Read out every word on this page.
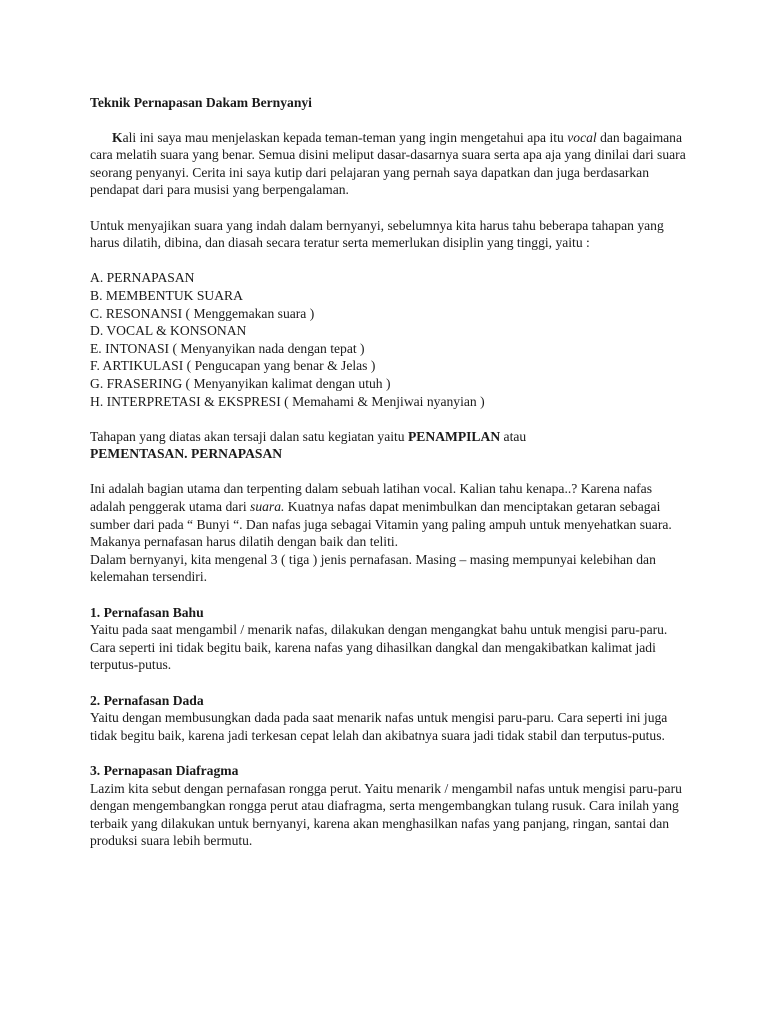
Teknik Pernapasan Dakam Bernyanyi

Kali ini saya mau menjelaskan kepada teman-teman yang ingin mengetahui apa itu vocal dan bagaimana cara melatih suara yang benar. Semua disini meliput dasar-dasarnya suara serta apa aja yang dinilai dari suara seorang penyanyi. Cerita ini saya kutip dari pelajaran yang pernah saya dapatkan dan juga berdasarkan pendapat dari para musisi yang berpengalaman.

Untuk menyajikan suara yang indah dalam bernyanyi, sebelumnya kita harus tahu beberapa tahapan yang harus dilatih, dibina, dan diasah secara teratur serta memerlukan disiplin yang tinggi, yaitu :

A. PERNAPASAN
B. MEMBENTUK SUARA
C. RESONANSI ( Menggemakan suara )
D. VOCAL & KONSONAN
E. INTONASI ( Menyanyikan nada dengan tepat )
F. ARTIKULASI ( Pengucapan yang benar & Jelas )
G. FRASERING ( Menyanyikan kalimat dengan utuh )
H. INTERPRETASI & EKSPRESI ( Memahami & Menjiwai nyanyian )

Tahapan yang diatas akan tersaji dalan satu kegiatan yaitu PENAMPILAN atau
PEMENTASAN. PERNAPASAN

Ini adalah bagian utama dan terpenting dalam sebuah latihan vocal. Kalian tahu kenapa..? Karena nafas adalah penggerak utama dari suara. Kuatnya nafas dapat menimbulkan dan menciptakan getaran sebagai sumber dari pada “ Bunyi “. Dan nafas juga sebagai Vitamin yang paling ampuh untuk menyehatkan suara. Makanya pernafasan harus dilatih dengan baik dan teliti.
Dalam bernyanyi, kita mengenal 3 ( tiga ) jenis pernafasan. Masing – masing mempunyai kelebihan dan kelemahan tersendiri.

1. Pernafasan Bahu

Yaitu pada saat mengambil / menarik nafas, dilakukan dengan mengangkat bahu untuk mengisi paru-paru. Cara seperti ini tidak begitu baik, karena nafas yang dihasilkan dangkal dan mengakibatkan kalimat jadi terputus-putus.

2. Pernafasan Dada

Yaitu dengan membusungkan dada pada saat menarik nafas untuk mengisi paru-paru. Cara seperti ini juga tidak begitu baik, karena jadi terkesan cepat lelah dan akibatnya suara jadi tidak stabil dan terputus-putus.

3. Pernapasan Diafragma

Lazim kita sebut dengan pernafasan rongga perut. Yaitu menarik / mengambil nafas untuk mengisi paru-paru dengan mengembangkan rongga perut atau diafragma, serta mengembangkan tulang rusuk. Cara inilah yang terbaik yang dilakukan untuk bernyanyi, karena akan menghasilkan nafas yang panjang, ringan, santai dan produksi suara lebih bermutu.
